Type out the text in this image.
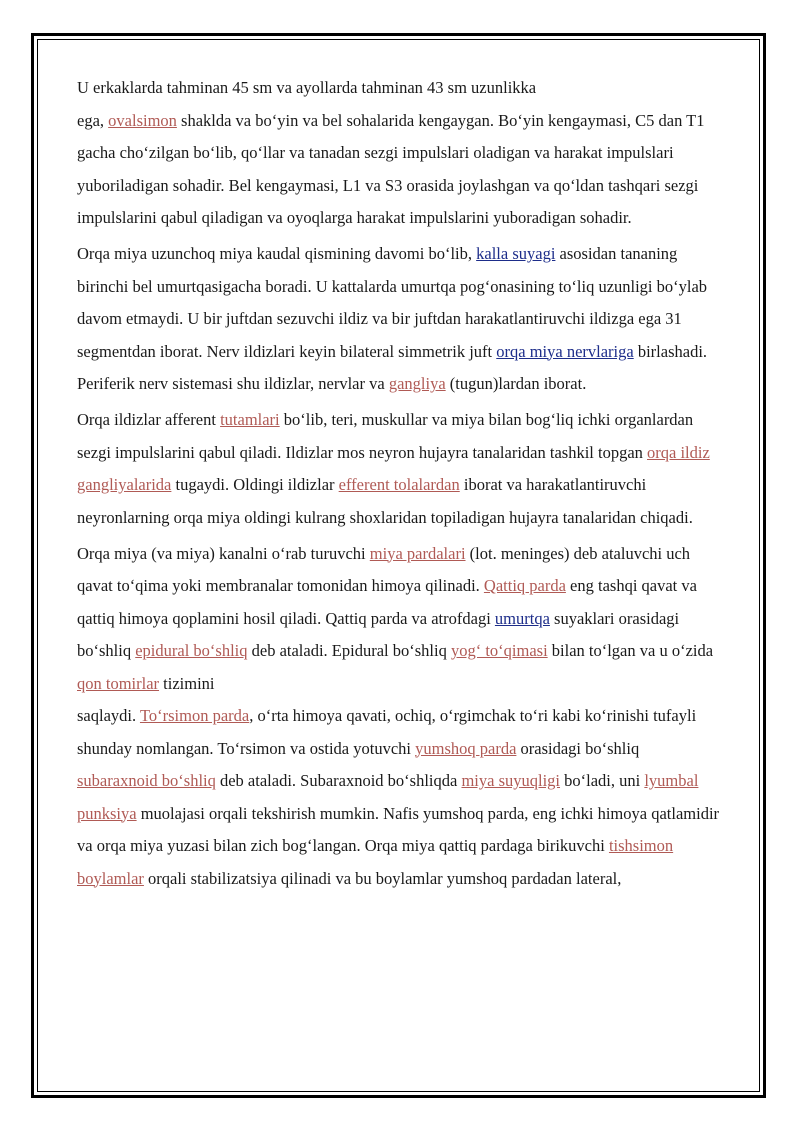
U erkaklarda tahminan 45 sm va ayollarda tahminan 43 sm uzunlikka
ega, ovalsimon shaklda va bo‘yin va bel sohalarida kengaygan. Bo‘yin kengaymasi, C5 dan T1 gacha cho‘zilgan bo‘lib, qo‘llar va tanadan sezgi impulslari oladigan va harakat impulslari yuboriladigan sohadir. Bel kengaymasi, L1 va S3 orasida joylashgan va qo‘ldan tashqari sezgi impulslarini qabul qiladigan va oyoqlarga harakat impulslarini yuboradigan sohadir.

Orqa miya uzunchoq miya kaudal qismining davomi bo‘lib, kalla suyagi asosidan tananing birinchi bel umurtqasigacha boradi. U kattalarda umurtqa pog‘onasining to‘liq uzunligi bo‘ylab davom etmaydi. U bir juftdan sezuvchi ildiz va bir juftdan harakatlantiruvchi ildizga ega 31 segmentdan iborat. Nerv ildizlari keyin bilateral simmetrik juft orqa miya nervlariga birlashadi. Periferik nerv sistemasi shu ildizlar, nervlar va gangliya (tugun)lardan iborat.

Orqa ildizlar afferent tutamlari bo‘lib, teri, muskullar va miya bilan bog‘liq ichki organlardan sezgi impulslarini qabul qiladi. Ildizlar mos neyron hujayra tanalaridan tashkil topgan orqa ildiz gangliyalarida tugaydi. Oldingi ildizlar efferent tolalardan iborat va harakatlantiruvchi neyronlarning orqa miya oldingi kulrang shoxlaridan topiladigan hujayra tanalaridan chiqadi.

Orqa miya (va miya) kanalni o‘rab turuvchi miya pardalari (lot. meninges) deb ataluvchi uch qavat to‘qima yoki membranalar tomonidan himoya qilinadi. Qattiq parda eng tashqi qavat va qattiq himoya qoplamini hosil qiladi. Qattiq parda va atrofdagi umurtqa suyaklari orasidagi bo‘shliq epidural bo‘shliq deb ataladi. Epidural bo‘shliq yog‘ to‘qimasi bilan to‘lgan va u o‘zida qon tomirlar tizimini
saqlaydi. To‘rsimon parda, o‘rta himoya qavati, ochiq, o‘rgimchak to‘ri kabi ko‘rinishi tufayli shunday nomlangan. To‘rsimon va ostida yotuvchi yumshoq parda orasidagi bo‘shliq subaraxnoid bo‘shliq deb ataladi. Subaraxnoid bo‘shliqda miya suyuqligi bo‘ladi, uni lyumbal punksiya muolajasi orqali tekshirish mumkin. Nafis yumshoq parda, eng ichki himoya qatlamidir va orqa miya yuzasi bilan zich bog‘langan. Orqa miya qattiq pardaga birikuvchi tishsimon boylamlar orqali stabilizatsiya qilinadi va bu boylamlar yumshoq pardadan lateral,
